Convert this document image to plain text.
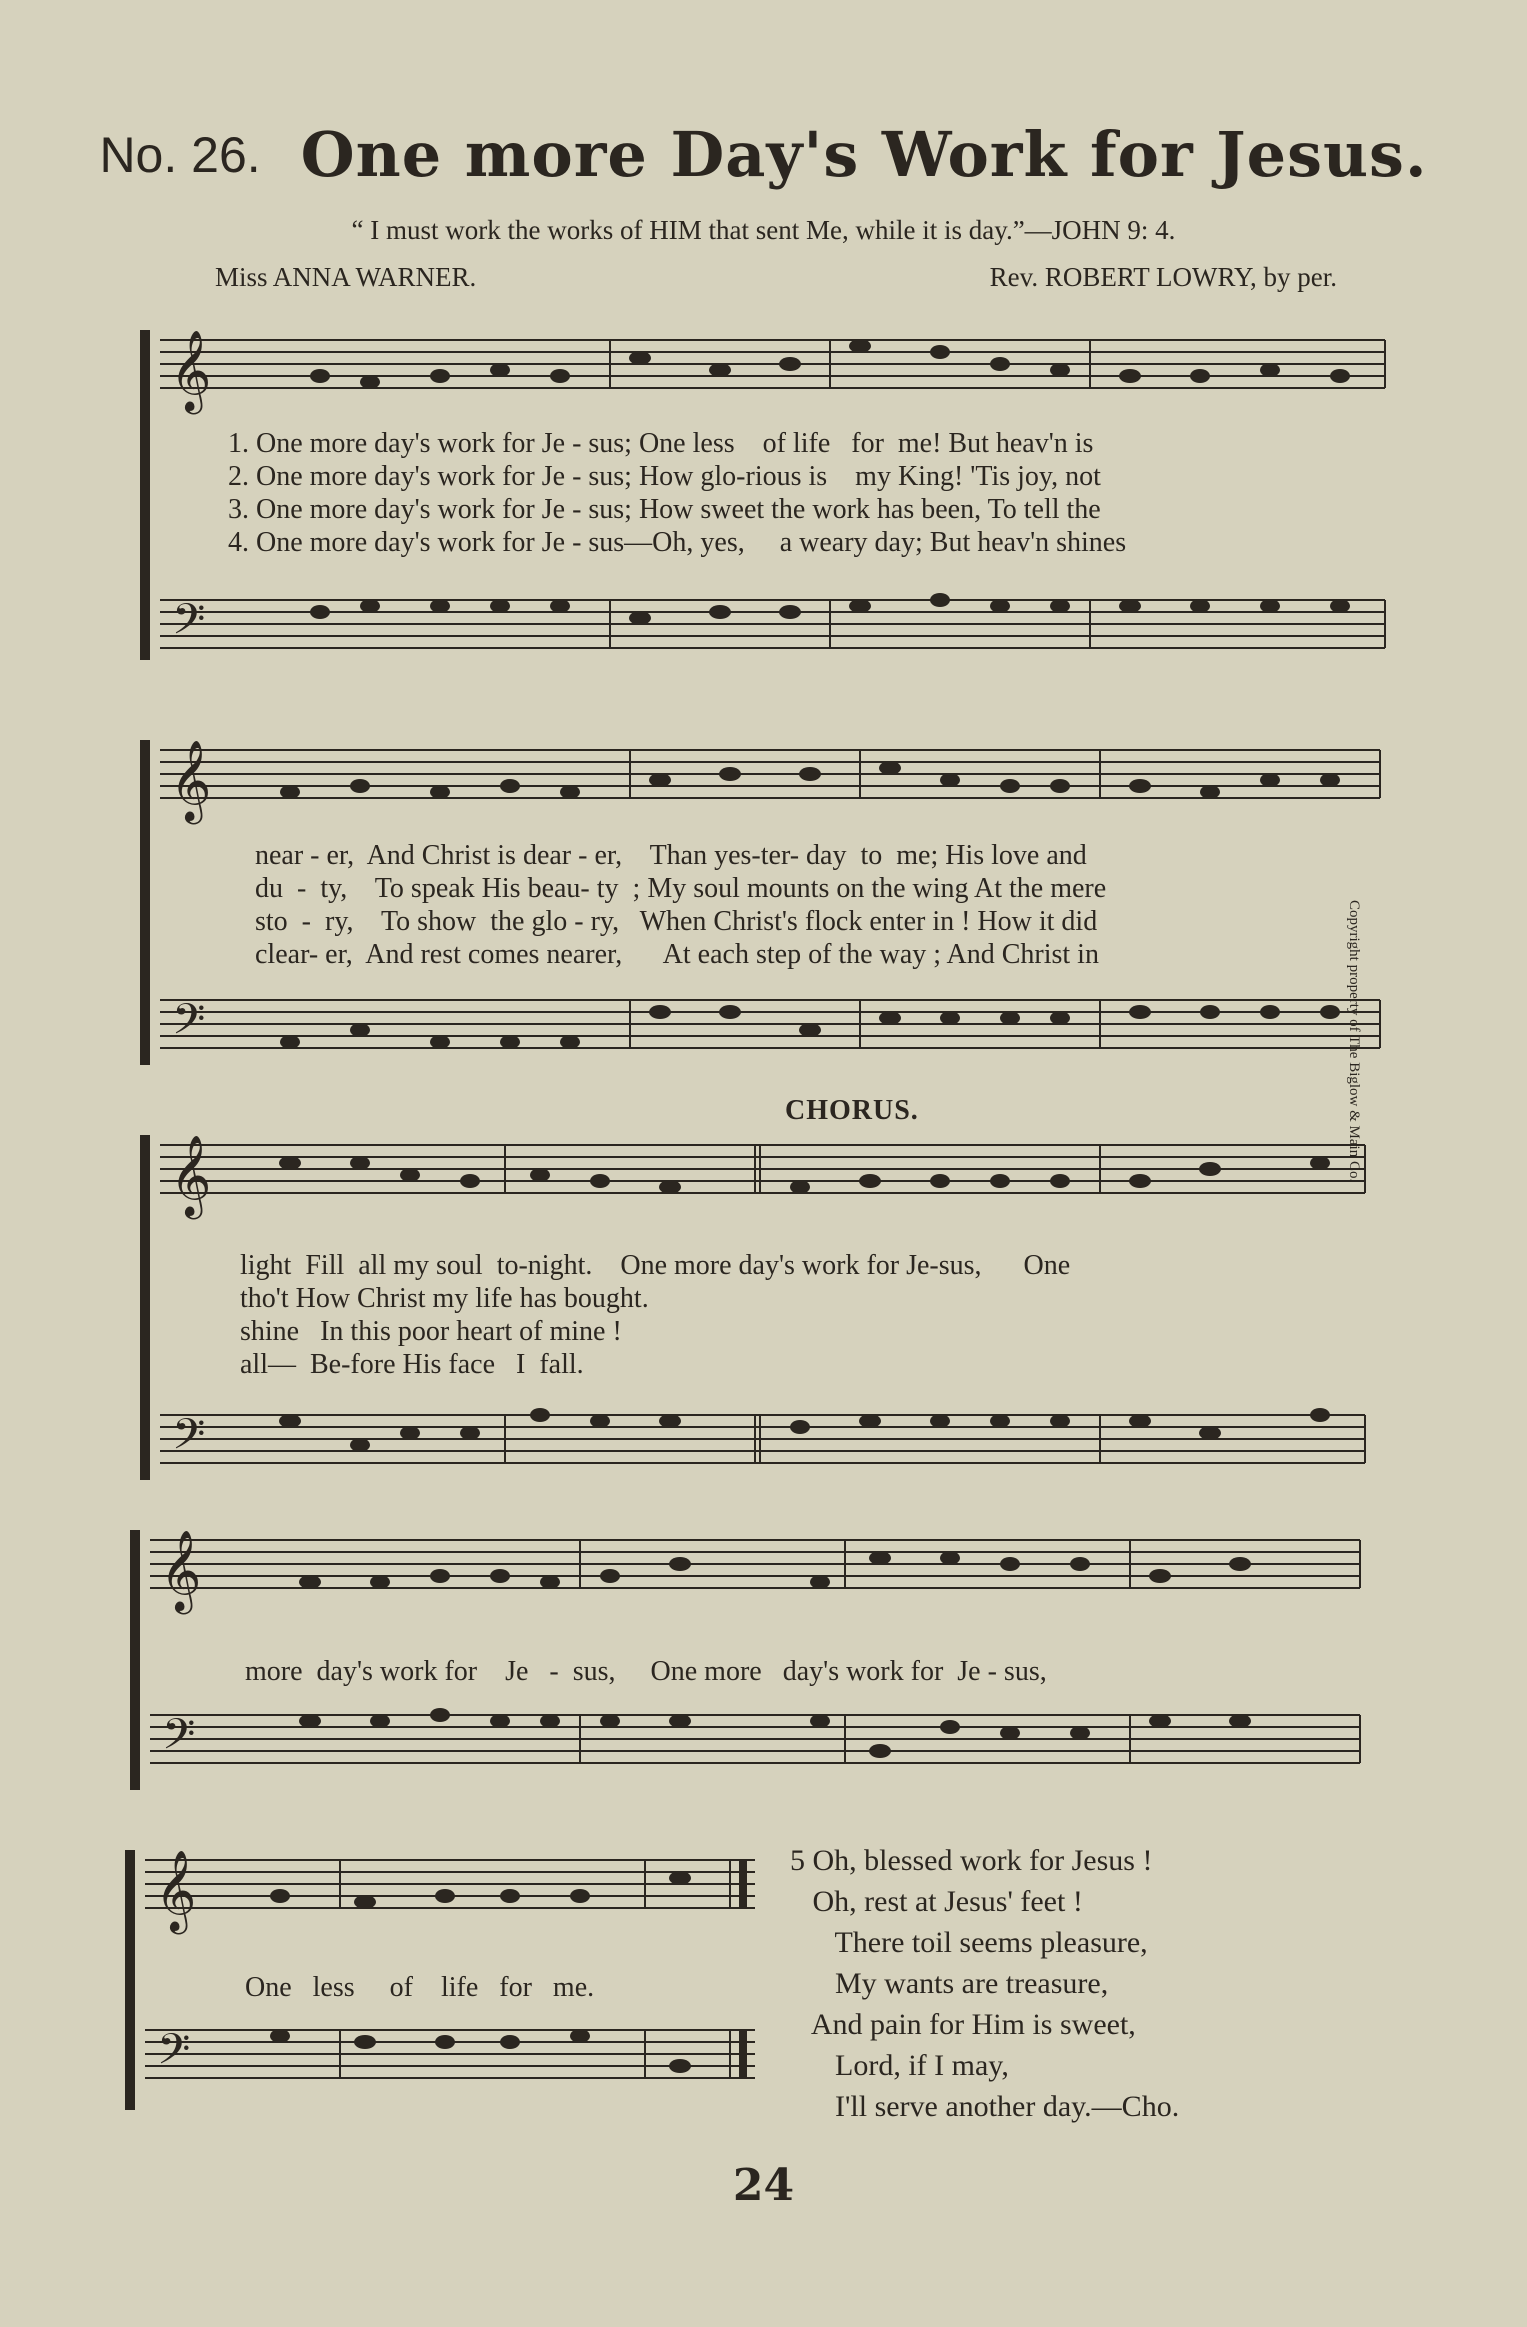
No. 26. One more Day's Work for Jesus.
“ I must work the works of HIM that sent Me, while it is day.”—JOHN 9: 4.
Miss ANNA WARNER.	Rev. ROBERT LOWRY, by per.
𝄞
𝄢
1. One more day's work for Je - sus; One less    of life   for  me! But heav'n is
2. One more day's work for Je - sus; How glo-rious is    my King! 'Tis joy, not
3. One more day's work for Je - sus; How sweet the work has been, To tell the
4. One more day's work for Je - sus—Oh, yes,     a weary day; But heav'n shines
𝄞
𝄢
near - er,  And Christ is dear - er,    Than yes-ter- day  to  me; His love and
du  -  ty,    To speak His beau- ty  ; My soul mounts on the wing At the mere
sto  -  ry,    To show  the glo - ry,   When Christ's flock enter in ! How it did
clear- er,  And rest comes nearer,      At each step of the way ; And Christ in
CHORUS.
𝄞
𝄢
light  Fill  all my soul  to-night.    One more day's work for Je-sus,      One
tho't How Christ my life has bought.
shine   In this poor heart of mine !
all—  Be-fore His face   I  fall.
𝄞
𝄢
more  day's work for    Je   -  sus,     One more   day's work for  Je - sus,
𝄞
𝄢
One   less     of    life   for   me.
5 Oh, blessed work for Jesus !
Oh, rest at Jesus' feet !
There toil seems pleasure,
My wants are treasure,
And pain for Him is sweet,
Lord, if I may,
I'll serve another day.—Cho.
Copyright property of The Biglow & Main Co.
24
